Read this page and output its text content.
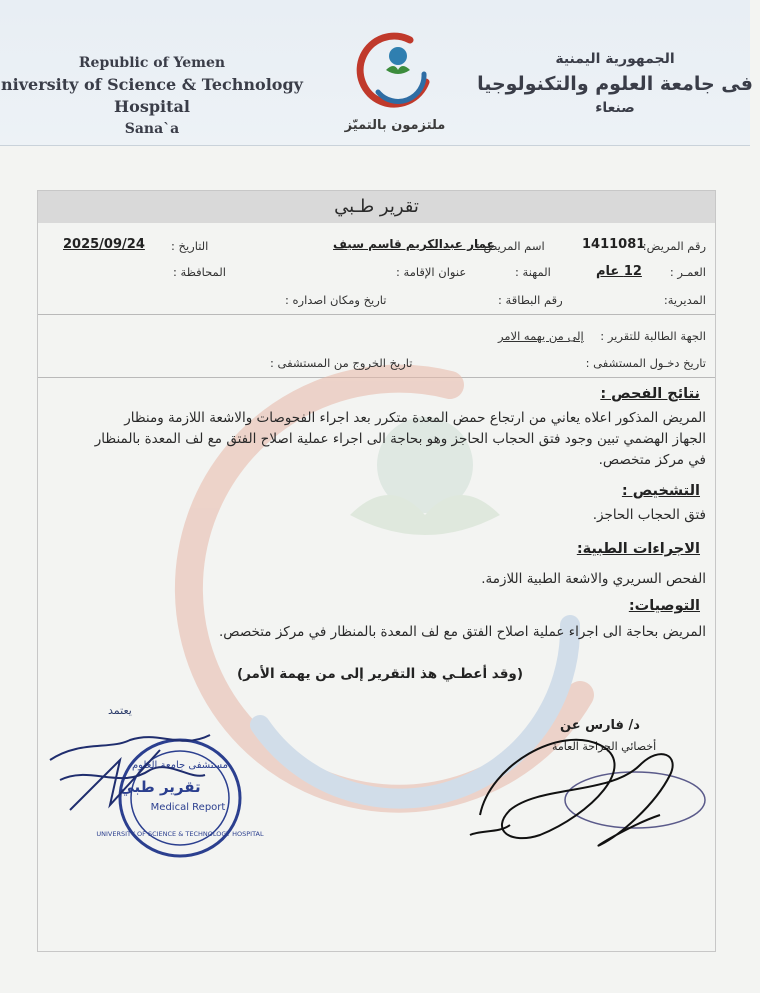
Republic of Yemen
niversity of Science & Technology Hospital
Sana`a	ملتزمون بالتميّز
الجمهورية اليمنية
فى جامعة العلوم والتكنولوجيا
صنعاء
تقرير طـبي
رقم المريض:
1411081
اسم المريض :
عمار عبدالكريم قاسم سيف
التاريخ :
2025/09/24
العمـر :
12 عام
المهنة :
عنوان الإقامة :
المحافظة :
المديرية:
رقم البطاقة :
تاريخ ومكان اصداره :
الجهة الطالبة للتقرير :
إلى من يهمه الامر
تاريخ دخـول المستشفى :
تاريخ الخروج من المستشفى :
نتائج الفحص :
المريض المذكور اعلاه يعاني من ارتجاع حمض المعدة متكرر بعد اجراء الفحوصات والاشعة اللازمة ومنظار
الجهاز الهضمي تبين وجود فتق الحجاب الحاجز وهو بحاجة الى اجراء عملية اصلاح الفتق مع لف المعدة بالمنظار
في مركز متخصص.
التشخيص :
فتق الحجاب الحاجز.
الاجراءات الطبية:
الفحص السريري والاشعة الطبية اللازمة.
التوصيات:
المريض بحاجة الى اجراء عملية اصلاح الفتق مع لف المعدة بالمنظار في مركز متخصص.
(وقد أعطـي هذ التقرير إلى من يهمة الأمر)
د/ فارس عن
أخصائي الجراحة العامة
يعتمد
مستشفى جامعة العلوم
تقرير طبي
Medical Report
UNIVERSITY OF SCIENCE & TECHNOLOGY HOSPITAL
